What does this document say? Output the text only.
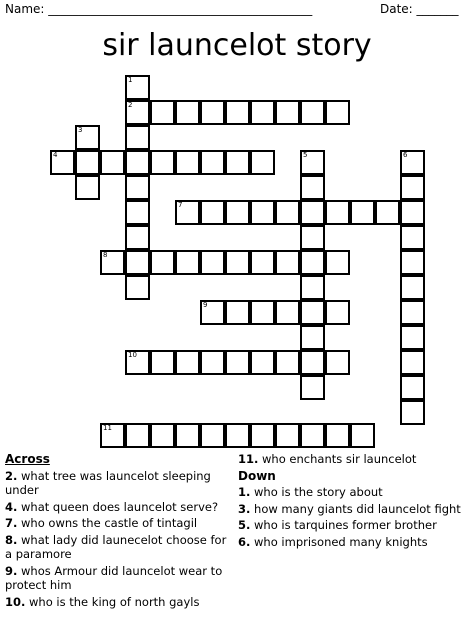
Name: ____________________________________________	Date: _______
sir launcelot story
1
2
3
4	5	6
7
8
9
10
11
Across
2. what tree was launcelot sleeping under
4. what queen does launcelot serve?
7. who owns the castle of tintagil
8. what lady did launecelot choose for a paramore
9. whos Armour did launcelot wear to protect him
10. who is the king of north gayls
11. who enchants sir launcelot
Down
1. who is the story about
3. how many giants did launcelot fight
5. who is tarquines former brother
6. who imprisoned many knights
